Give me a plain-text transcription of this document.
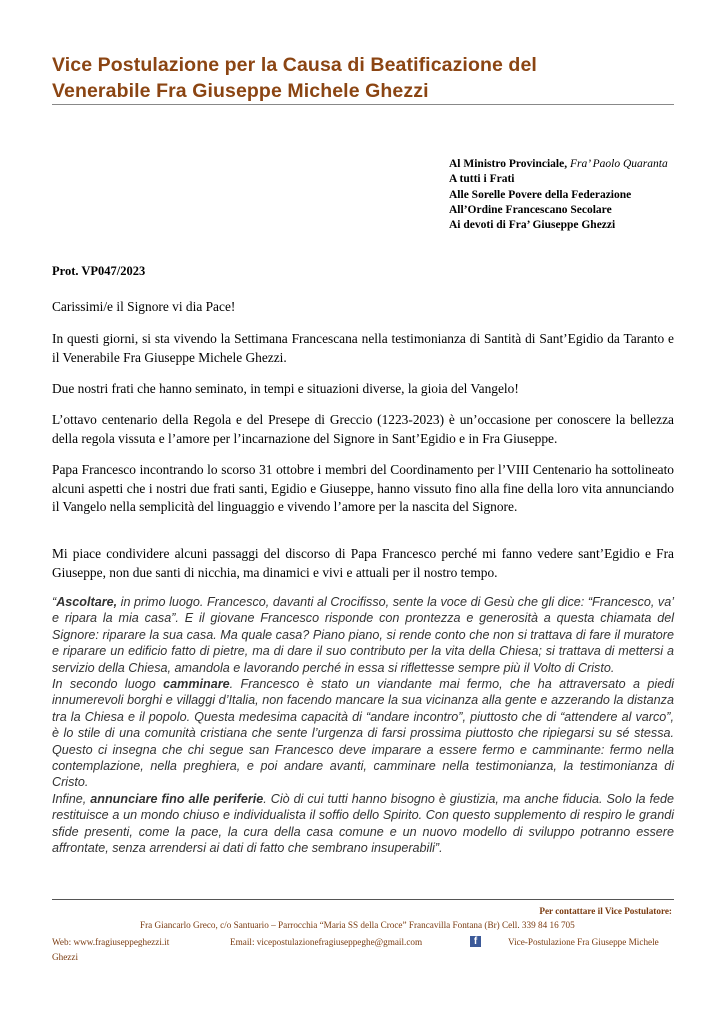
Vice Postulazione per la Causa di Beatificazione del
Venerabile Fra Giuseppe Michele Ghezzi
Al Ministro Provinciale, Fra’ Paolo Quaranta
A tutti i Frati
Alle Sorelle Povere della Federazione
All’Ordine Francescano Secolare
Ai devoti di Fra’ Giuseppe Ghezzi
Prot. VP047/2023
Carissimi/e il Signore vi dia Pace!
In questi giorni, si sta vivendo la Settimana Francescana nella testimonianza di Santità di Sant’Egidio da Taranto e il Venerabile Fra Giuseppe Michele Ghezzi.
Due nostri frati che hanno seminato, in tempi e situazioni diverse, la gioia del Vangelo!
L’ottavo centenario della Regola e del Presepe di Greccio (1223-2023) è un’occasione per conoscere la bellezza della regola vissuta e l’amore per l’incarnazione del Signore in Sant’Egidio e in Fra Giuseppe.
Papa Francesco incontrando lo scorso 31 ottobre i membri del Coordinamento per l’VIII Centenario ha sottolineato alcuni aspetti che i nostri due frati santi, Egidio e Giuseppe, hanno vissuto fino alla fine della loro vita annunciando il Vangelo nella semplicità del linguaggio e vivendo l’amore per la nascita del Signore.
Mi piace condividere alcuni passaggi del discorso di Papa Francesco perché mi fanno vedere sant’Egidio e Fra Giuseppe, non due santi di nicchia, ma dinamici e vivi e attuali per il nostro tempo.
“Ascoltare, in primo luogo. Francesco, davanti al Crocifisso, sente la voce di Gesù che gli dice: “Francesco, va’ e ripara la mia casa”. E il giovane Francesco risponde con prontezza e generosità a questa chiamata del Signore: riparare la sua casa. Ma quale casa? Piano piano, si rende conto che non si trattava di fare il muratore e riparare un edificio fatto di pietre, ma di dare il suo contributo per la vita della Chiesa; si trattava di mettersi a servizio della Chiesa, amandola e lavorando perché in essa si riflettesse sempre più il Volto di Cristo.
In secondo luogo camminare. Francesco è stato un viandante mai fermo, che ha attraversato a piedi innumerevoli borghi e villaggi d’Italia, non facendo mancare la sua vicinanza alla gente e azzerando la distanza tra la Chiesa e il popolo. Questa medesima capacità di “andare incontro”, piuttosto che di “attendere al varco”, è lo stile di una comunità cristiana che sente l’urgenza di farsi prossima piuttosto che ripiegarsi su sé stessa. Questo ci insegna che chi segue san Francesco deve imparare a essere fermo e camminante: fermo nella contemplazione, nella preghiera, e poi andare avanti, camminare nella testimonianza, la testimonianza di Cristo.
Infine, annunciare fino alle periferie. Ciò di cui tutti hanno bisogno è giustizia, ma anche fiducia. Solo la fede restituisce a un mondo chiuso e individualista il soffio dello Spirito. Con questo supplemento di respiro le grandi sfide presenti, come la pace, la cura della casa comune e un nuovo modello di sviluppo potranno essere affrontate, senza arrendersi ai dati di fatto che sembrano insuperabili”.
Per contattare il Vice Postulatore:
Fra Giancarlo Greco, c/o Santuario – Parrocchia “Maria SS della Croce” Francavilla Fontana (Br) Cell. 339 84 16 705
Web: www.fragiuseppeghezzi.it	Email: vicepostulazionefragiuseppeghe@gmail.com	f	Vice-Postulazione Fra Giuseppe Michele
Ghezzi
